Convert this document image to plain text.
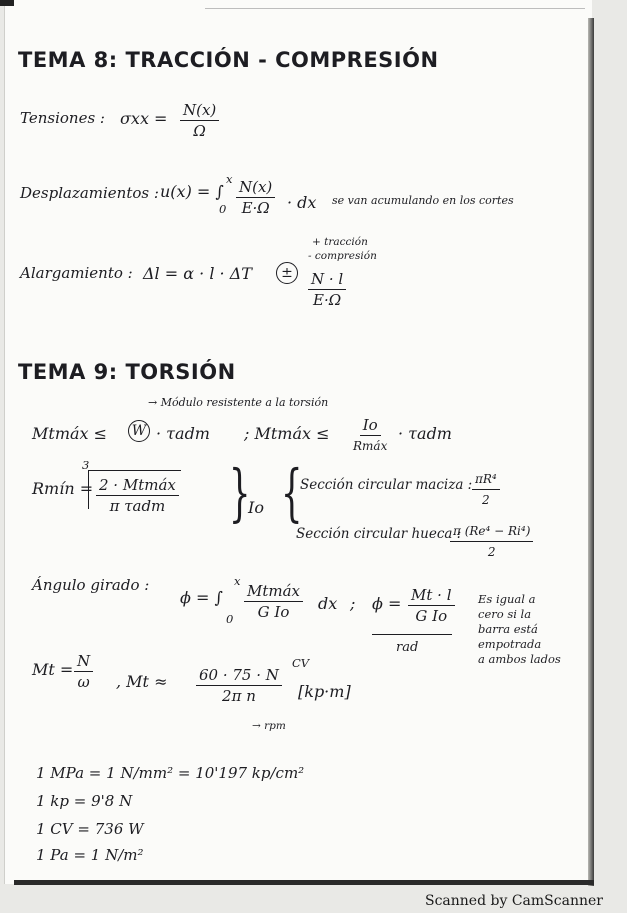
TEMA 8: TRACCIÓN - COMPRESIÓN
Tensiones : $\sigma xx = \frac{N(x)}{\Omega}$
Desplazamientos : u(x) = ∫
x
$0 \frac{N(x)}{E\cdot\Omega}$ · dx se van acumulando en los cortes
Alargamiento : Δl = α · l · ΔT	±
+ tracción
- compresión
$\frac{N \cdot l}{E\cdot\Omega}$
TEMA 9: TORSIÓN
→ Módulo resistente a la torsión
Mtmáx ≤ W · τadm ; Mtmáx ≤ Io
Rmáx
· τadm
Rmín =
3
2 · Mtmáx
π τadm }
Io {
Sección circular maciza : $\frac{\text{πR⁴}}{2}$
Sección circular hueca :
$\frac{\text{π (Re⁴ − Ri⁴)}}{2}$
Ángulo girado :
ϕ = ∫
x
0
Mtmáx
G Io dx ; $\phi = \frac{Mt \cdot l}{\text{G Io}}$
rad
Es igual a
cero si la
barra está
empotrada
a ambos lados
$Mt = \frac{N}{\omega}$ , $Mt \approx \frac{60 \cdot 75 \cdot N}{\text{2π n}}$
CV
[kp·m]
→ rpm
1 MPa = 1 N/mm² = 10'197 kp/cm²
1 kp = 9'8 N
1 CV = 736 W
1 Pa = 1 N/m²
Scanned by CamScanner
